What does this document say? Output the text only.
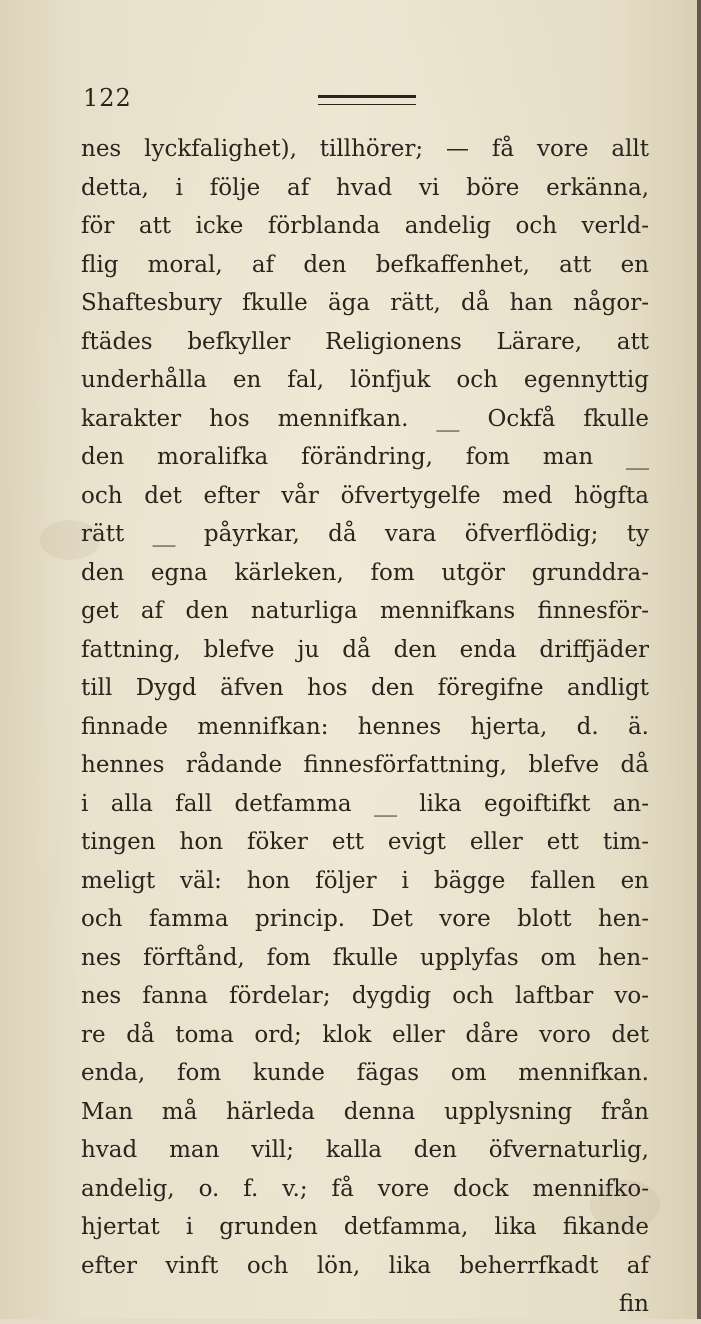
122
nes lyckfalighet), tillhörer; — få vore allt
detta, i följe af hvad vi böre erkänna,
för att icke förblanda andelig och verld-
flig moral, af den befkaffenhet, att en
Shaftesbury fkulle äga rätt, då han någor-
ftädes befkyller Religionens Lärare, att
underhålla en fal, lönfjuk och egennyttig
karakter hos mennifkan. __ Ockfå fkulle
den moralifka förändring, fom man __
och det efter vår öfvertygelfe med högfta
rätt __ påyrkar, då vara öfverflödig; ty
den egna kärleken, fom utgör grunddra-
get af den naturliga mennifkans finnesför-
fattning, blefve ju då den enda driffjäder
till Dygd äfven hos den föregifne andligt
finnade mennifkan: hennes hjerta, d. ä.
hennes rådande finnesförfattning, blefve då
i alla fall detfamma __ lika egoiftifkt an-
tingen hon föker ett evigt eller ett tim-
meligt väl: hon följer i bägge fallen en
och famma princip. Det vore blott hen-
nes förftånd, fom fkulle upplyfas om hen-
nes fanna fördelar; dygdig och laftbar vo-
re då toma ord; klok eller dåre voro det
enda, fom kunde fägas om mennifkan.
Man må härleda denna upplysning från
hvad man vill; kalla den öfvernaturlig,
andelig, o. f. v.; få vore dock mennifko-
hjertat i grunden detfamma, lika fikande
efter vinft och lön, lika beherrfkadt af
fin
